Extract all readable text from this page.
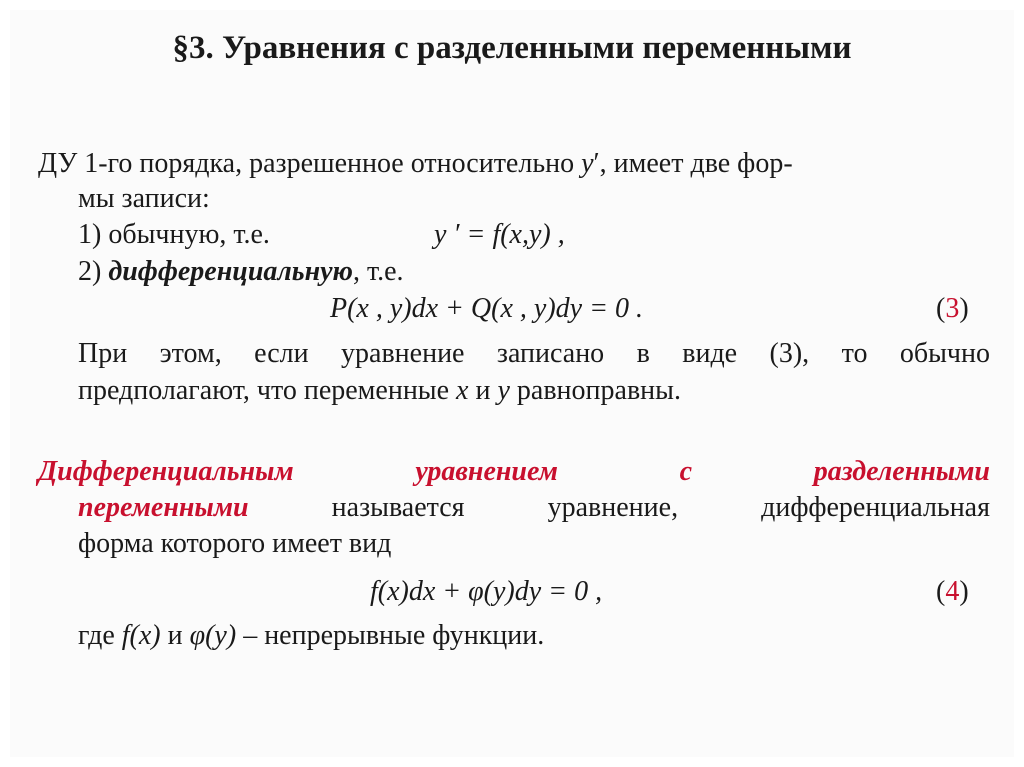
§3. Уравнения с разделенными переменными
ДУ 1-го порядка, разрешенное относительно y′, имеет две фор-
мы записи:
1) обычную, т.е.	y ′ = f(x,y) ,
2) дифференциальную, т.е.
P(x , y)dx + Q(x , y)dy = 0 .	(3)
При этом, если уравнение записано в виде (3), то обычно
предполагают, что переменные x и y равноправны.
Дифференциальным	уравнением	с	разделенными
переменными	называется	уравнение,	дифференциальная
форма которого имеет вид
f(x)dx + φ(y)dy = 0 ,	(4)
где f(x) и φ(y) – непрерывные функции.
